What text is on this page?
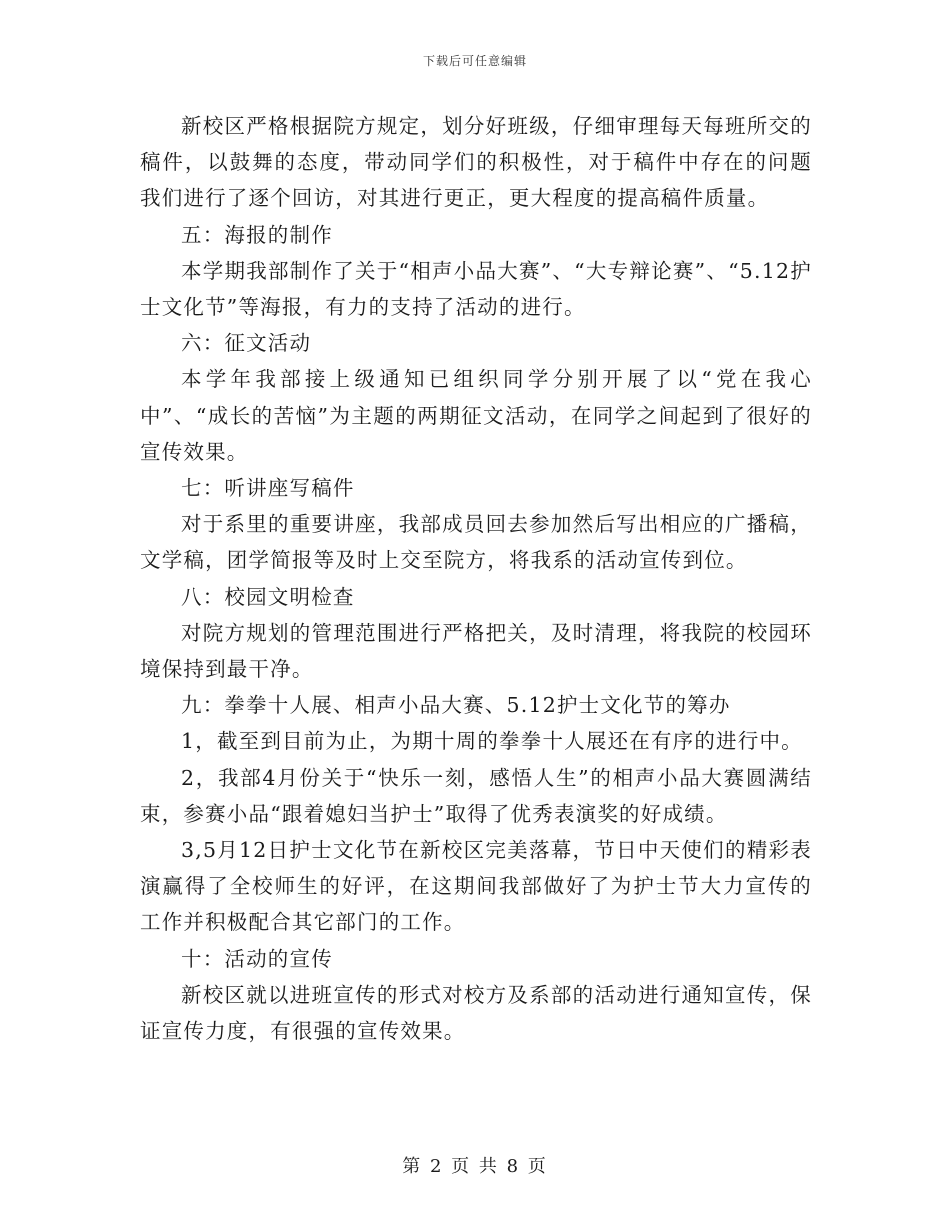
下载后可任意编辑

新校区严格根据院方规定，划分好班级，仔细审理每天每班所交的稿件，以鼓舞的态度，带动同学们的积极性，对于稿件中存在的问题我们进行了逐个回访，对其进行更正，更大程度的提高稿件质量。

五：海报的制作

本学期我部制作了关于“相声小品大赛”、“大专辩论赛”、“5.12护士文化节”等海报，有力的支持了活动的进行。

六：征文活动

本学年我部接上级通知已组织同学分别开展了以“党在我心中”、“成长的苦恼”为主题的两期征文活动，在同学之间起到了很好的宣传效果。

七：听讲座写稿件

对于系里的重要讲座，我部成员回去参加然后写出相应的广播稿，文学稿，团学简报等及时上交至院方，将我系的活动宣传到位。

八：校园文明检查

对院方规划的管理范围进行严格把关，及时清理，将我院的校园环境保持到最干净。

九：拳拳十人展、相声小品大赛、5.12护士文化节的筹办

1，截至到目前为止，为期十周的拳拳十人展还在有序的进行中。

2，我部4月份关于“快乐一刻，感悟人生”的相声小品大赛圆满结束，参赛小品“跟着媳妇当护士”取得了优秀表演奖的好成绩。

3,5月12日护士文化节在新校区完美落幕，节日中天使们的精彩表演赢得了全校师生的好评，在这期间我部做好了为护士节大力宣传的工作并积极配合其它部门的工作。

十：活动的宣传

新校区就以进班宣传的形式对校方及系部的活动进行通知宣传，保证宣传力度，有很强的宣传效果。

第 2 页 共 8 页
